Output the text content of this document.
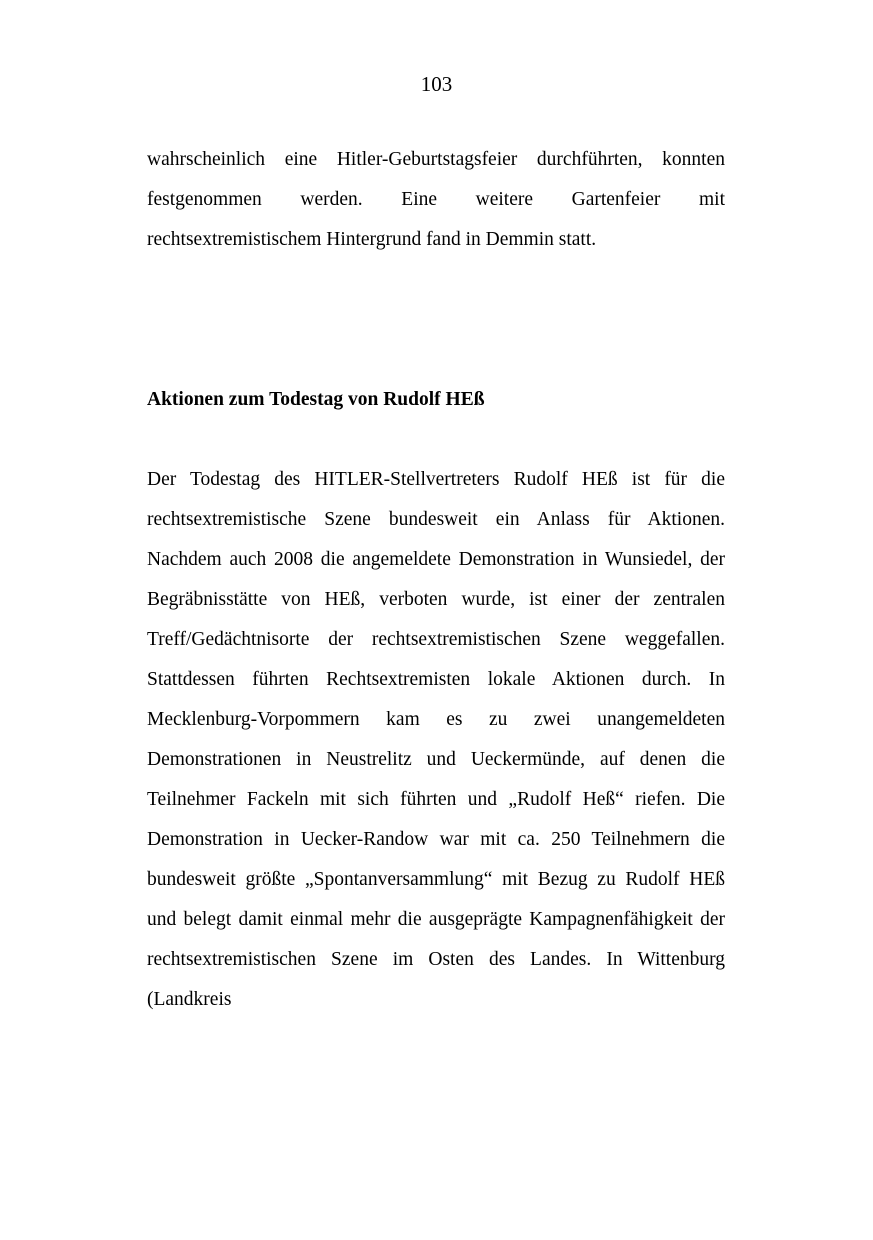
103

wahrscheinlich eine Hitler-Geburtstagsfeier durchführten, konnten festgenommen werden. Eine weitere Gartenfeier mit rechtsextremistischem Hintergrund fand in Demmin statt.

Aktionen zum Todestag von Rudolf HEß

Der Todestag des HITLER-Stellvertreters Rudolf HEß ist für die rechtsextremistische Szene bundesweit ein Anlass für Aktionen. Nachdem auch 2008 die angemeldete Demonstration in Wunsiedel, der Begräbnisstätte von HEß, verboten wurde, ist einer der zentralen Treff/Gedächtnisorte der rechtsextremistischen Szene weggefallen. Stattdessen führten Rechtsextremisten lokale Aktionen durch. In Mecklenburg-Vorpommern kam es zu zwei unangemeldeten Demonstrationen in Neustrelitz und Ueckermünde, auf denen die Teilnehmer Fackeln mit sich führten und „Rudolf Heß“ riefen. Die Demonstration in Uecker-Randow war mit ca. 250 Teilnehmern die bundesweit größte „Spontanversammlung“ mit Bezug zu Rudolf HEß und belegt damit einmal mehr die ausgeprägte Kampagnenfähigkeit der rechtsextremistischen Szene im Osten des Landes. In Wittenburg (Landkreis
